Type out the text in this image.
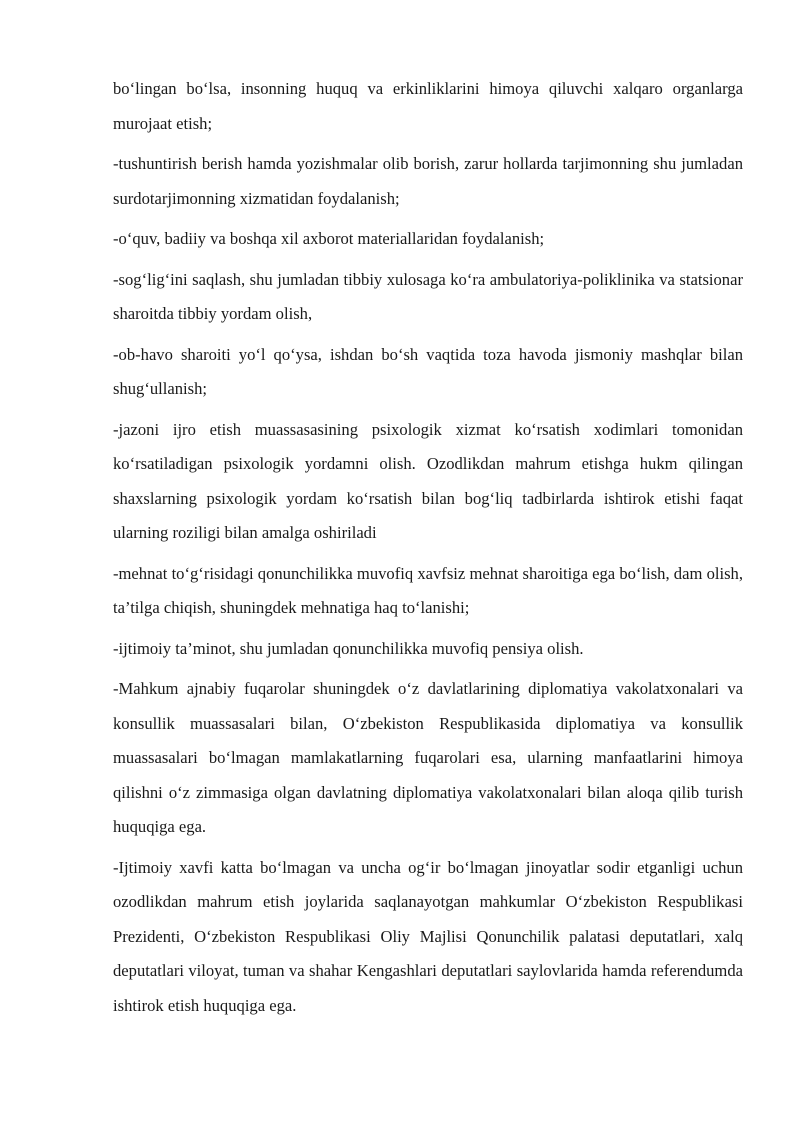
bo‘lingan bo‘lsa, insonning huquq va erkinliklarini himoya qiluvchi xalqaro organlarga murojaat etish;

-tushuntirish berish hamda yozishmalar olib borish, zarur hollarda tarjimonning shu jumladan surdotarjimonning xizmatidan foydalanish;

-o‘quv, badiiy va boshqa xil axborot materiallaridan foydalanish;

-sog‘lig‘ini saqlash, shu jumladan tibbiy xulosaga ko‘ra ambulatoriya-poliklinika va statsionar sharoitda tibbiy yordam olish,

-ob-havo sharoiti yo‘l qo‘ysa, ishdan bo‘sh vaqtida toza havoda jismoniy mashqlar bilan shug‘ullanish;

-jazoni ijro etish muassasasining psixologik xizmat ko‘rsatish xodimlari tomonidan ko‘rsatiladigan psixologik yordamni olish. Ozodlikdan mahrum etishga hukm qilingan shaxslarning psixologik yordam ko‘rsatish bilan bog‘liq tadbirlarda ishtirok etishi faqat ularning roziligi bilan amalga oshiriladi

-mehnat to‘g‘risidagi qonunchilikka muvofiq xavfsiz mehnat sharoitiga ega bo‘lish, dam olish, ta’tilga chiqish, shuningdek mehnatiga haq to‘lanishi;

-ijtimoiy ta’minot, shu jumladan qonunchilikka muvofiq pensiya olish.

-Mahkum ajnabiy fuqarolar shuningdek o‘z davlatlarining diplomatiya vakolatxonalari va konsullik muassasalari bilan, O‘zbekiston Respublikasida diplomatiya va konsullik muassasalari bo‘lmagan mamlakatlarning fuqarolari esa, ularning manfaatlarini himoya qilishni o‘z zimmasiga olgan davlatning diplomatiya vakolatxonalari bilan aloqa qilib turish huquqiga ega.

-Ijtimoiy xavfi katta bo‘lmagan va uncha og‘ir bo‘lmagan jinoyatlar sodir etganligi uchun ozodlikdan mahrum etish joylarida saqlanayotgan mahkumlar O‘zbekiston Respublikasi Prezidenti, O‘zbekiston Respublikasi Oliy Majlisi Qonunchilik palatasi deputatlari, xalq deputatlari viloyat, tuman va shahar Kengashlari deputatlari saylovlarida hamda referendumda ishtirok etish huquqiga ega.
